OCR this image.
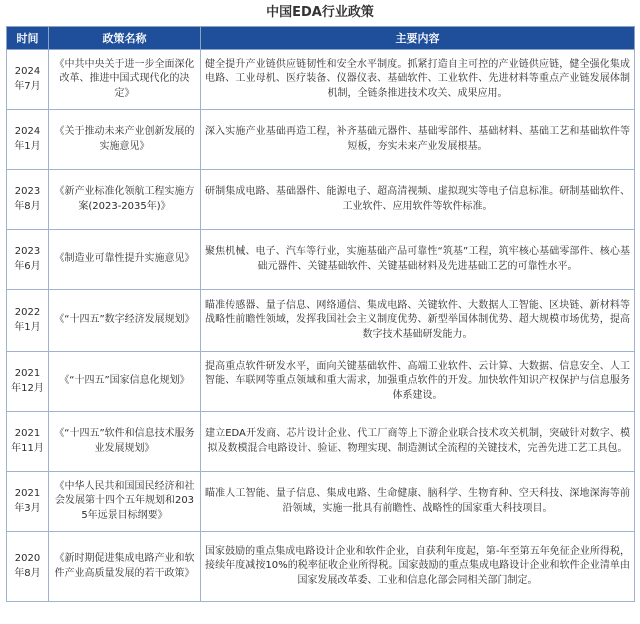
中国EDA行业政策
时间	政策名称	主要内容
2024 年7月	《中共中央关于进一步全面深化改革、推进中国式现代化的决定》	健全提升产业链供应链韧性和安全水平制度。抓紧打造自主可控的产业链供应链，健全强化集成电路、工业母机、医疗装备、仪器仪表、基础软件、工业软件、先进材料等重点产业链发展体制机制，全链条推进技术攻关、成果应用。
2024 年1月	《关于推动未来产业创新发展的实施意见》	深入实施产业基础再造工程，补齐基础元器件、基础零部件、基础材料、基础工艺和基础软件等短板，夯实未来产业发展根基。
2023 年8月	《新产业标准化领航工程实施方案(2023-2035年)》	研制集成电路、基础器件、能源电子、超高清视频、虚拟现实等电子信息标准。研制基础软件、工业软件、应用软件等软件标准。
2023 年6月	《制造业可靠性提升实施意见》	聚焦机械、电子、汽车等行业，实施基础产品可靠性“筑基”工程，筑牢核心基础零部件、核心基础元器件、关键基础软件、关键基础材料及先进基础工艺的可靠性水平。
2022 年1月	《“十四五”数字经济发展规划》	瞄准传感器、量子信息、网络通信、集成电路、关键软件、大数据人工智能、区块链、新材料等战略性前瞻性领域，发挥我国社会主义制度优势、新型举国体制优势、超大规模市场优势，提高数字技术基础研发能力。
2021 年12月	《“十四五”国家信息化规划》	提高重点软件研发水平，面向关键基础软件、高端工业软件、云计算、大数据、信息安全、人工智能、车联网等重点领域和重大需求，加强重点软件的开发。加快软件知识产权保护与信息服务体系建设。
2021 年11月	《“十四五”软件和信息技术服务业发展规划》	建立EDA开发商、芯片设计企业、代工厂商等上下游企业联合技术攻关机制，突破针对数字、模拟及数模混合电路设计、验证、物理实现、制造测试全流程的关键技术，完善先进工艺工具包。
2021 年3月	《中华人民共和国国民经济和社会发展第十四个五年规划和2035年远景目标纲要》	瞄准人工智能、量子信息、集成电路、生命健康、脑科学、生物育种、空天科技、深地深海等前沿领域，实施一批具有前瞻性、战略性的国家重大科技项目。
2020 年8月	《新时期促进集成电路产业和软件产业高质量发展的若干政策》	国家鼓励的重点集成电路设计企业和软件企业，自获利年度起，第-年至第五年免征企业所得税，接续年度减按10%的税率征收企业所得税。国家鼓励的重点集成电路设计企业和软件企业清单由国家发展改革委、工业和信息化部会同相关部门制定。
